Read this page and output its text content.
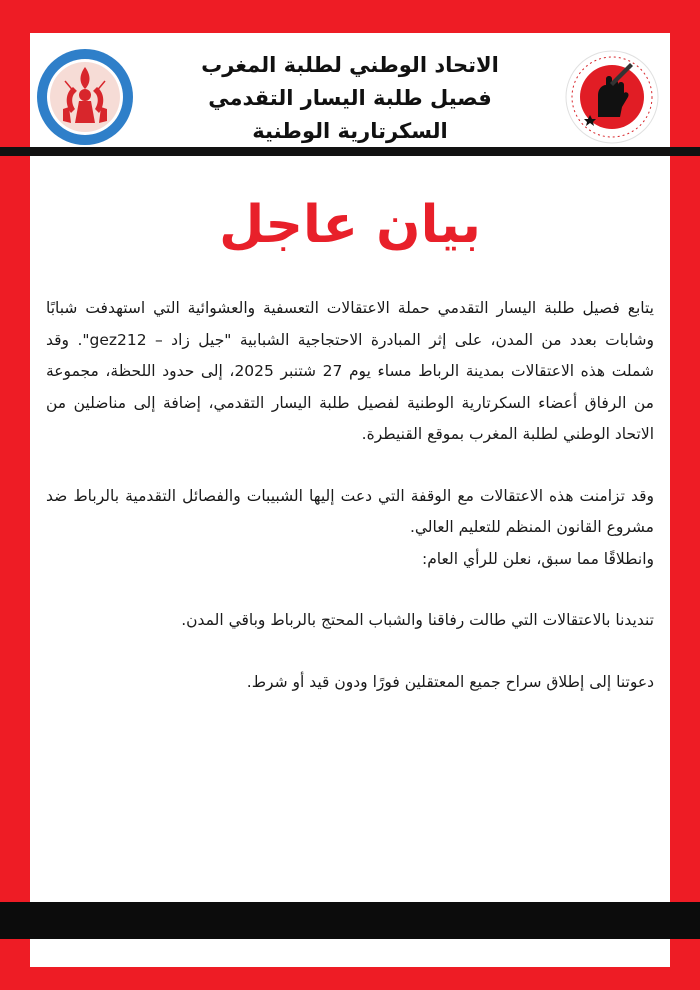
الاتحاد الوطني لطلبة المغرب
فصيل طلبة اليسار التقدمي
السكرتارية الوطنية
بيان عاجل

يتابع فصيل طلبة اليسار التقدمي حملة الاعتقالات التعسفية والعشوائية التي استهدفت شبابًا وشابات بعدد من المدن، على إثر المبادرة الاحتجاجية الشبابية "جيل زاد – gez212". وقد شملت هذه الاعتقالات بمدينة الرباط مساء يوم 27 شتنبر 2025، إلى حدود اللحظة، مجموعة من الرفاق أعضاء السكرتارية الوطنية لفصيل طلبة اليسار التقدمي، إضافة إلى مناضلين من الاتحاد الوطني لطلبة المغرب بموقع القنيطرة.

وقد تزامنت هذه الاعتقالات مع الوقفة التي دعت إليها الشبيبات والفصائل التقدمية بالرباط ضد مشروع القانون المنظم للتعليم العالي.

وانطلاقًا مما سبق، نعلن للرأي العام:

تنديدنا بالاعتقالات التي طالت رفاقنا والشباب المحتج بالرباط وباقي المدن.

دعوتنا إلى إطلاق سراح جميع المعتقلين فورًا ودون قيد أو شرط.
